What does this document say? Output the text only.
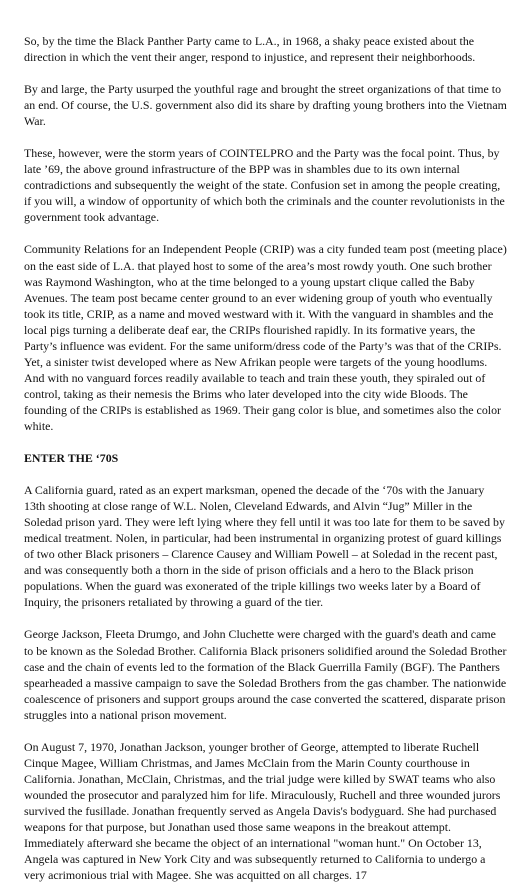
So, by the time the Black Panther Party came to L.A., in 1968, a shaky peace existed about the direction in which the vent their anger, respond to injustice, and represent their neighborhoods.

By and large, the Party usurped the youthful rage and brought the street organizations of that time to an end. Of course, the U.S. government also did its share by drafting young brothers into the Vietnam War.

These, however, were the storm years of COINTELPRO and the Party was the focal point. Thus, by late ’69, the above ground infrastructure of the BPP was in shambles due to its own internal contradictions and subsequently the weight of the state. Confusion set in among the people creating, if you will, a window of opportunity of which both the criminals and the counter revolutionists in the government took advantage.

Community Relations for an Independent People (CRIP) was a city funded team post (meeting place) on the east side of L.A. that played host to some of the area’s most rowdy youth. One such brother was Raymond Washington, who at the time belonged to a young upstart clique called the Baby Avenues. The team post became center ground to an ever widening group of youth who eventually took its title, CRIP, as a name and moved westward with it. With the vanguard in shambles and the local pigs turning a deliberate deaf ear, the CRIPs flourished rapidly. In its formative years, the Party’s influence was evident. For the same uniform/dress code of the Party’s was that of the CRIPs. Yet, a sinister twist developed where as New Afrikan people were targets of the young hoodlums. And with no vanguard forces readily available to teach and train these youth, they spiraled out of control, taking as their nemesis the Brims who later developed into the city wide Bloods. The founding of the CRIPs is established as 1969. Their gang color is blue, and sometimes also the color white.

ENTER THE ‘70S

A California guard, rated as an expert marksman, opened the decade of the ‘70s with the January 13th shooting at close range of W.L. Nolen, Cleveland Edwards, and Alvin “Jug” Miller in the Soledad prison yard. They were left lying where they fell until it was too late for them to be saved by medical treatment. Nolen, in particular, had been instrumental in organizing protest of guard killings of two other Black prisoners – Clarence Causey and William Powell – at Soledad in the recent past, and was consequently both a thorn in the side of prison officials and a hero to the Black prison populations. When the guard was exonerated of the triple killings two weeks later by a Board of Inquiry, the prisoners retaliated by throwing a guard of the tier.

George Jackson, Fleeta Drumgo, and John Cluchette were charged with the guard's death and came to be known as the Soledad Brother. California Black prisoners solidified around the Soledad Brother case and the chain of events led to the formation of the Black Guerrilla Family (BGF). The Panthers spearheaded a massive campaign to save the Soledad Brothers from the gas chamber. The nationwide coalescence of prisoners and support groups around the case converted the scattered, disparate prison struggles into a national prison movement.

On August 7, 1970, Jonathan Jackson, younger brother of George, attempted to liberate Ruchell Cinque Magee, William Christmas, and James McClain from the Marin County courthouse in California. Jonathan, McClain, Christmas, and the trial judge were killed by SWAT teams who also wounded the prosecutor and paralyzed him for life. Miraculously, Ruchell and three wounded jurors survived the fusillade. Jonathan frequently served as Angela Davis's bodyguard. She had purchased weapons for that purpose, but Jonathan used those same weapons in the breakout attempt. Immediately afterward she became the object of an international "woman hunt." On October 13, Angela was captured in New York City and was subsequently returned to California to undergo a very acrimonious trial with Magee. She was acquitted on all charges. 17
